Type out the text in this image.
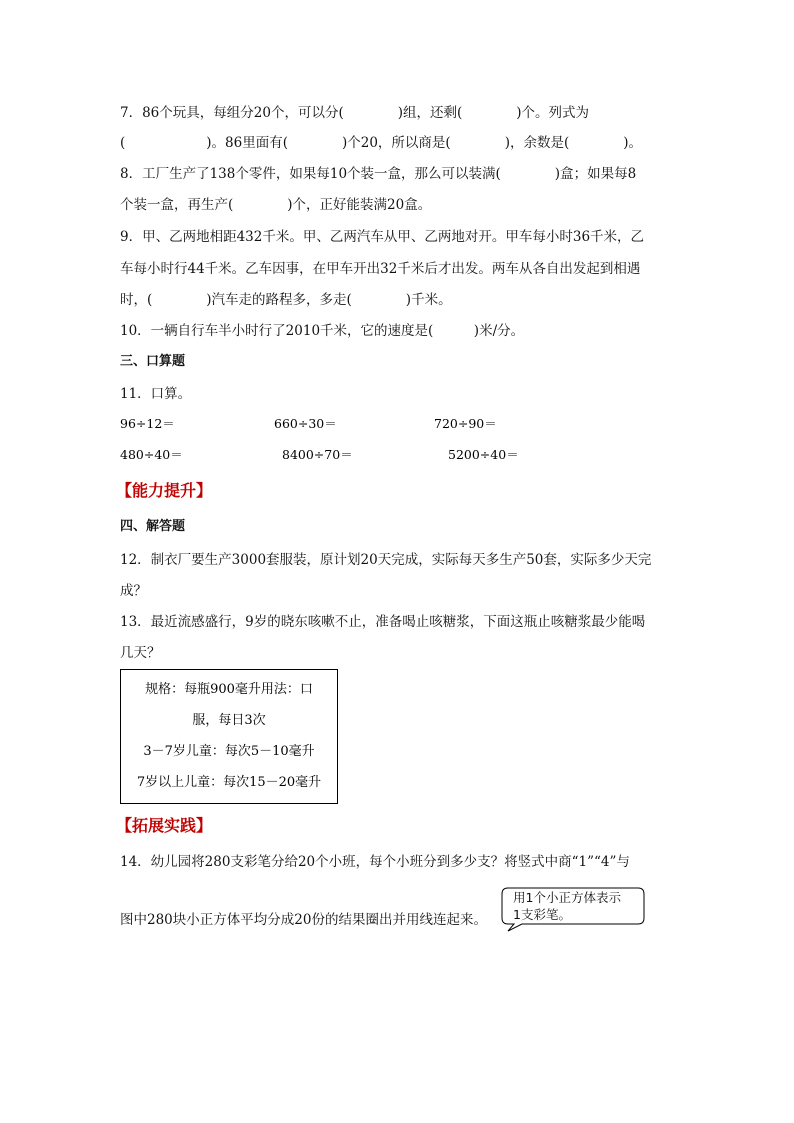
7．86个玩具，每组分20个，可以分(　　　　)组，还剩(　　　　)个。列式为
(　　　　　　)。86里面有(　　　　)个20，所以商是(　　　　)，余数是(　　　　)。
8．工厂生产了138个零件，如果每10个装一盒，那么可以装满(　　　　)盒；如果每8
个装一盒，再生产(　　　　)个，正好能装满20盒。
9．甲、乙两地相距432千米。甲、乙两汽车从甲、乙两地对开。甲车每小时36千米，乙
车每小时行44千米。乙车因事，在甲车开出32千米后才出发。两车从各自出发起到相遇
时，(　　　　)汽车走的路程多，多走(　　　　)千米。
10．一辆自行车半小时行了2010千米，它的速度是(　　　)米/分。
三、口算题
11．口算。
96÷12＝	660÷30＝	720÷90＝
480÷40＝	8400÷70＝	5200÷40＝
【能力提升】
四、解答题
12．制衣厂要生产3000套服装，原计划20天完成，实际每天多生产50套，实际多少天完
成？
13．最近流感盛行，9岁的晓东咳嗽不止，准备喝止咳糖浆，下面这瓶止咳糖浆最少能喝
几天？
规格：每瓶900毫升用法：口
服，每日3次
3－7岁儿童：每次5－10毫升
7岁以上儿童：每次15－20毫升
【拓展实践】
14．幼儿园将280支彩笔分给20个小班，每个小班分到多少支？将竖式中商“1”“4”与
图中280块小正方体平均分成20份的结果圈出并用线连起来。
用1个小正方体表示
1支彩笔。
